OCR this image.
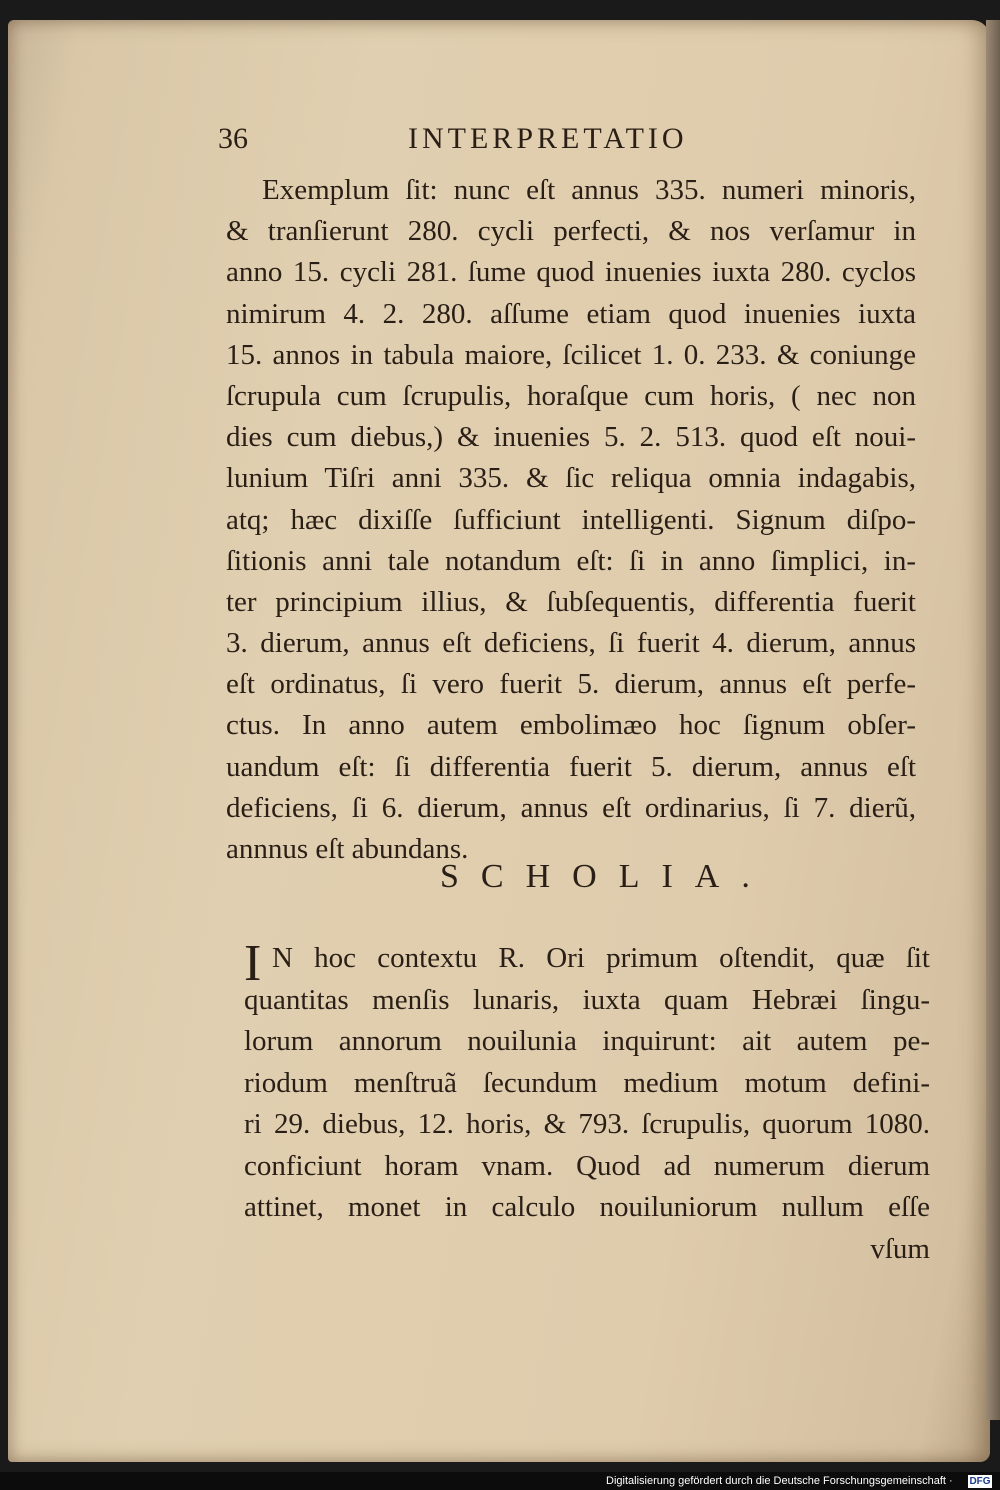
36	INTERPRETATIO
Exemplum ſit: nunc eſt annus 335. numeri minoris,
& tranſierunt 280. cycli perfecti, & nos verſamur in
anno 15. cycli 281. ſume quod inuenies iuxta 280. cyclos
nimirum 4. 2. 280. aſſume etiam quod inuenies iuxta
15. annos in tabula maiore, ſcilicet 1. 0. 233. & coniunge
ſcrupula cum ſcrupulis, horaſque cum horis, ( nec non
dies cum diebus,) & inuenies 5. 2. 513. quod eſt noui-
lunium Tiſri anni 335. & ſic reliqua omnia indagabis,
atq; hæc dixiſſe ſufficiunt intelligenti. Signum diſpo-
ſitionis anni tale notandum eſt: ſi in anno ſimplici, in-
ter principium illius, & ſubſequentis, differentia fuerit
3. dierum, annus eſt deficiens, ſi fuerit 4. dierum, annus
eſt ordinatus, ſi vero fuerit 5. dierum, annus eſt perfe-
ctus. In anno autem embolimæo hoc ſignum obſer-
uandum eſt: ſi differentia fuerit 5. dierum, annus eſt
deficiens, ſi 6. dierum, annus eſt ordinarius, ſi 7. dierũ,
annnus eſt abundans.
SCHOLIA.
I N hoc contextu R. Ori primum oſtendit, quæ ſit
quantitas menſis lunaris, iuxta quam Hebræi ſingu-
lorum annorum nouilunia inquirunt: ait autem pe-
riodum menſtruã ſecundum medium motum defini-
ri 29. diebus, 12. horis, & 793. ſcrupulis, quorum 1080.
conficiunt horam vnam. Quod ad numerum dierum
attinet, monet in calculo nouiluniorum nullum eſſe
vſum
Digitalisierung gefördert durch die Deutsche Forschungsgemeinschaft · DFG
